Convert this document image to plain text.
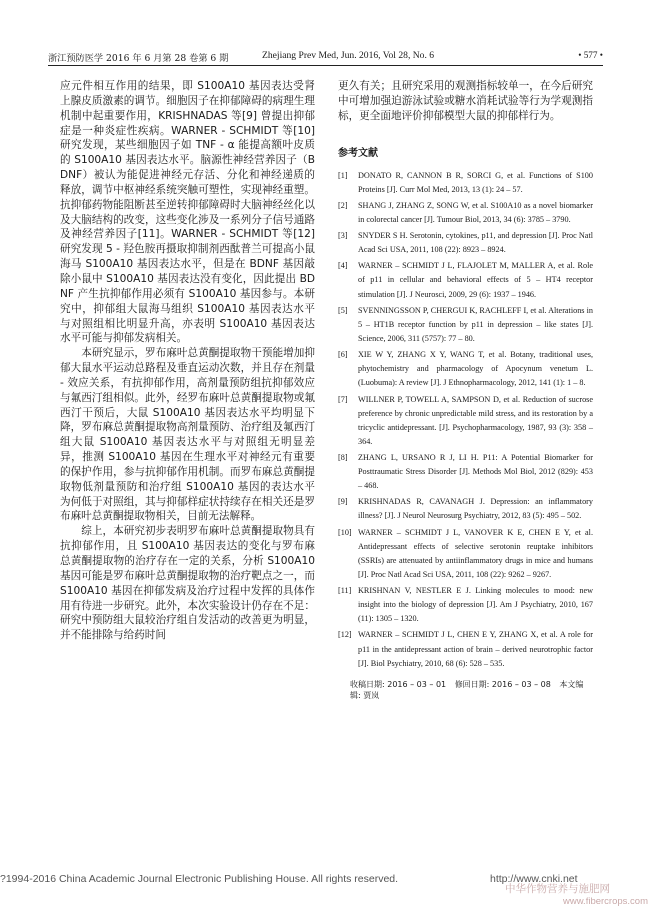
浙江预防医学 2016 年 6 月第 28 卷第 6 期	Zhejiang Prev Med, Jun. 2016, Vol 28, No. 6	• 577 •

应元件相互作用的结果，即 S100A10 基因表达受肾上腺皮质激素的调节。细胞因子在抑郁障碍的病理生理机制中起重要作用，KRISHNADAS 等[9] 曾提出抑郁症是一种炎症性疾病。WARNER - SCHMIDT 等[10] 研究发现，某些细胞因子如 TNF - α 能提高额叶皮质的 S100A10 基因表达水平。脑源性神经营养因子（BDNF）被认为能促进神经元存活、分化和神经递质的释放，调节中枢神经系统突触可塑性，实现神经重塑。抗抑郁药物能阻断甚至逆转抑郁障碍时大脑神经丝化以及大脑结构的改变，这些变化涉及一系列分子信号通路及神经营养因子[11]。WARNER - SCHMIDT 等[12] 研究发现 5 - 羟色胺再摄取抑制剂西酞普兰可提高小鼠海马 S100A10 基因表达水平，但是在 BDNF 基因敲除小鼠中 S100A10 基因表达没有变化，因此提出 BDNF 产生抗抑郁作用必须有 S100A10 基因参与。本研究中，抑郁组大鼠海马组织 S100A10 基因表达水平与对照组相比明显升高，亦表明 S100A10 基因表达水平可能与抑郁发病相关。

本研究显示，罗布麻叶总黄酮提取物干预能增加抑郁大鼠水平运动总路程及垂直运动次数，并且存在剂量 - 效应关系，有抗抑郁作用，高剂量预防组抗抑郁效应与氟西汀组相似。此外，经罗布麻叶总黄酮提取物或氟西汀干预后，大鼠 S100A10 基因表达水平均明显下降，罗布麻总黄酮提取物高剂量预防、治疗组及氟西汀组大鼠 S100A10 基因表达水平与对照组无明显差异，推测 S100A10 基因在生理水平对神经元有重要的保护作用，参与抗抑郁作用机制。而罗布麻总黄酮提取物低剂量预防和治疗组 S100A10 基因的表达水平为何低于对照组，其与抑郁样症状持续存在相关还是罗布麻叶总黄酮提取物相关，目前无法解释。

综上，本研究初步表明罗布麻叶总黄酮提取物具有抗抑郁作用，且 S100A10 基因表达的变化与罗布麻总黄酮提取物的治疗存在一定的关系，分析 S100A10 基因可能是罗布麻叶总黄酮提取物的治疗靶点之一，而 S100A10 基因在抑郁发病及治疗过程中发挥的具体作用有待进一步研究。此外，本次实验设计仍存在不足：研究中预防组大鼠较治疗组自发活动的改善更为明显，并不能排除与给药时间

更久有关；且研究采用的观测指标较单一，在今后研究中可增加强迫游泳试验或糖水消耗试验等行为学观测指标，更全面地评价抑郁模型大鼠的抑郁样行为。

参考文献
[1] DONATO R, CANNON B R, SORCI G, et al. Functions of S100 Proteins [J]. Curr Mol Med, 2013, 13 (1): 24 – 57.
[2] SHANG J, ZHANG Z, SONG W, et al. S100A10 as a novel biomarker in colorectal cancer [J]. Tumour Biol, 2013, 34 (6): 3785 – 3790.
[3] SNYDER S H. Serotonin, cytokines, p11, and depression [J]. Proc Natl Acad Sci USA, 2011, 108 (22): 8923 – 8924.
[4] WARNER – SCHMIDT J L, FLAJOLET M, MALLER A, et al. Role of p11 in cellular and behavioral effects of 5 – HT4 receptor stimulation [J]. J Neurosci, 2009, 29 (6): 1937 – 1946.
[5] SVENNINGSSON P, CHERGUI K, RACHLEFF I, et al. Alterations in 5 – HT1B receptor function by p11 in depression – like states [J]. Science, 2006, 311 (5757): 77 – 80.
[6] XIE W Y, ZHANG X Y, WANG T, et al. Botany, traditional uses, phytochemistry and pharmacology of Apocynum venetum L. (Luobuma): A review [J]. J Ethnopharmacology, 2012, 141 (1): 1 – 8.
[7] WILLNER P, TOWELL A, SAMPSON D, et al. Reduction of sucrose preference by chronic unpredictable mild stress, and its restoration by a tricyclic antidepressant. [J]. Psychopharmacology, 1987, 93 (3): 358 – 364.
[8] ZHANG L, URSANO R J, LI H. P11: A Potential Biomarker for Posttraumatic Stress Disorder [J]. Methods Mol Biol, 2012 (829): 453 – 468.
[9] KRISHNADAS R, CAVANAGH J. Depression: an inflammatory illness? [J]. J Neurol Neurosurg Psychiatry, 2012, 83 (5): 495 – 502.
[10] WARNER – SCHMIDT J L, VANOVER K E, CHEN E Y, et al. Antidepressant effects of selective serotonin reuptake inhibitors (SSRIs) are attenuated by antiinflammatory drugs in mice and humans [J]. Proc Natl Acad Sci USA, 2011, 108 (22): 9262 – 9267.
[11] KRISHNAN V, NESTLER E J. Linking molecules to mood: new insight into the biology of depression [J]. Am J Psychiatry, 2010, 167 (11): 1305 – 1320.
[12] WARNER – SCHMIDT J L, CHEN E Y, ZHANG X, et al. A role for p11 in the antidepressant action of brain – derived neurotrophic factor [J]. Biol Psychiatry, 2010, 68 (6): 528 – 535.
收稿日期: 2016 – 03 – 01 修回日期: 2016 – 03 – 08 本文编辑: 贾岚
?1994-2016 China Academic Journal Electronic Publishing House. All rights reserved.	http://www.cnki.net
中华作物营养与施肥网
www.fibercrops.com
